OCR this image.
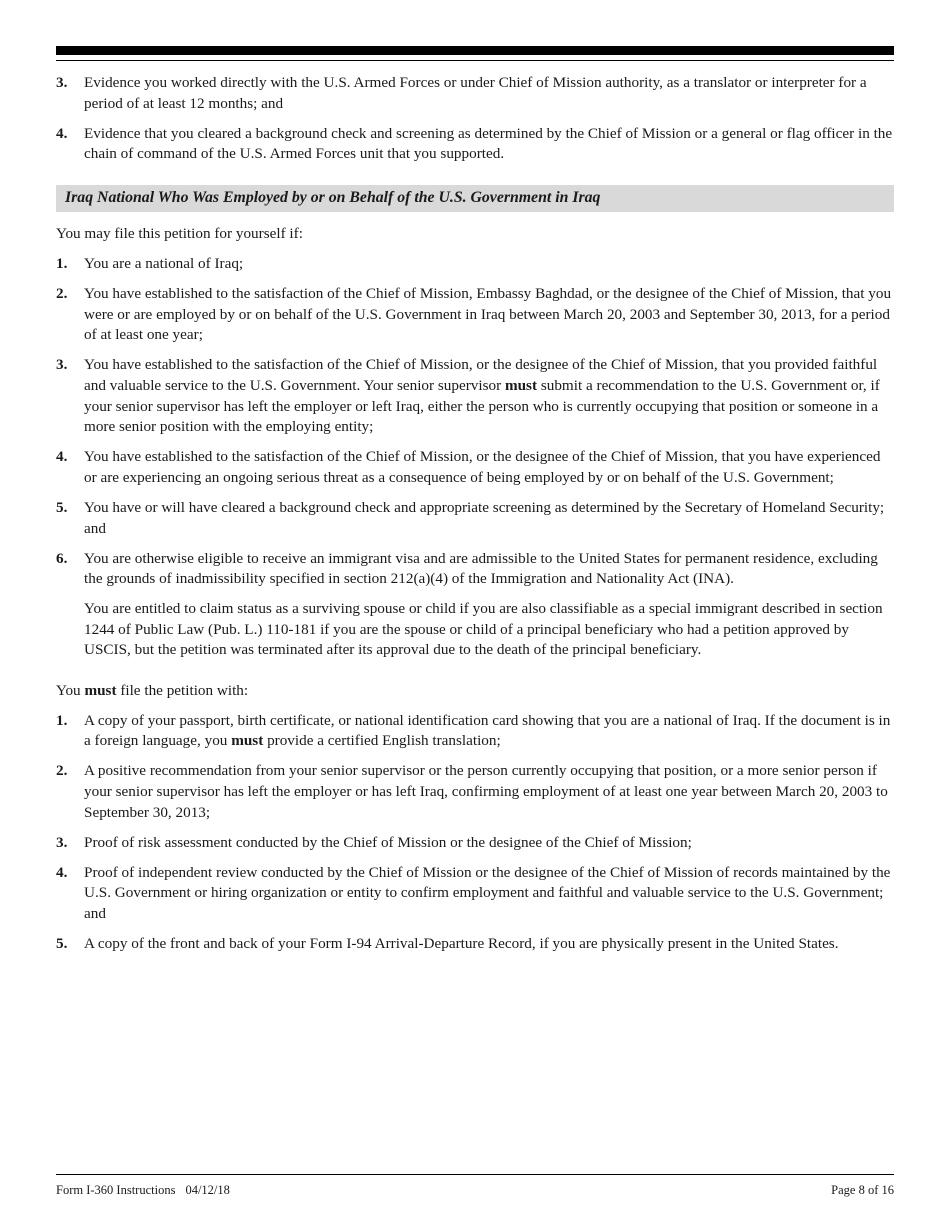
3.	Evidence you worked directly with the U.S. Armed Forces or under Chief of Mission authority, as a translator or interpreter for a period of at least 12 months; and
4.	Evidence that you cleared a background check and screening as determined by the Chief of Mission or a general or flag officer in the chain of command of the U.S. Armed Forces unit that you supported.
Iraq National Who Was Employed by or on Behalf of the U.S. Government in Iraq

You may file this petition for yourself if:

1.	You are a national of Iraq;
2.	You have established to the satisfaction of the Chief of Mission, Embassy Baghdad, or the designee of the Chief of Mission, that you were or are employed by or on behalf of the U.S. Government in Iraq between March 20, 2003 and September 30, 2013, for a period of at least one year;
3.	You have established to the satisfaction of the Chief of Mission, or the designee of the Chief of Mission, that you provided faithful and valuable service to the U.S. Government. Your senior supervisor must submit a recommendation to the U.S. Government or, if your senior supervisor has left the employer or left Iraq, either the person who is currently occupying that position or someone in a more senior position with the employing entity;
4.	You have established to the satisfaction of the Chief of Mission, or the designee of the Chief of Mission, that you have experienced or are experiencing an ongoing serious threat as a consequence of being employed by or on behalf of the U.S. Government;
5.	You have or will have cleared a background check and appropriate screening as determined by the Secretary of Homeland Security; and
6.	You are otherwise eligible to receive an immigrant visa and are admissible to the United States for permanent residence, excluding the grounds of inadmissibility specified in section 212(a)(4) of the Immigration and Nationality Act (INA).

You are entitled to claim status as a surviving spouse or child if you are also classifiable as a special immigrant described in section 1244 of Public Law (Pub. L.) 110-181 if you are the spouse or child of a principal beneficiary who had a petition approved by USCIS, but the petition was terminated after its approval due to the death of the principal beneficiary.

You must file the petition with:

1.	A copy of your passport, birth certificate, or national identification card showing that you are a national of Iraq. If the document is in a foreign language, you must provide a certified English translation;
2.	A positive recommendation from your senior supervisor or the person currently occupying that position, or a more senior person if your senior supervisor has left the employer or has left Iraq, confirming employment of at least one year between March 20, 2003 to September 30, 2013;
3.	Proof of risk assessment conducted by the Chief of Mission or the designee of the Chief of Mission;
4.	Proof of independent review conducted by the Chief of Mission or the designee of the Chief of Mission of records maintained by the U.S. Government or hiring organization or entity to confirm employment and faithful and valuable service to the U.S. Government; and
5.	A copy of the front and back of your Form I-94 Arrival-Departure Record, if you are physically present in the United States.
Form I-360 Instructions 04/12/18	Page 8 of 16
